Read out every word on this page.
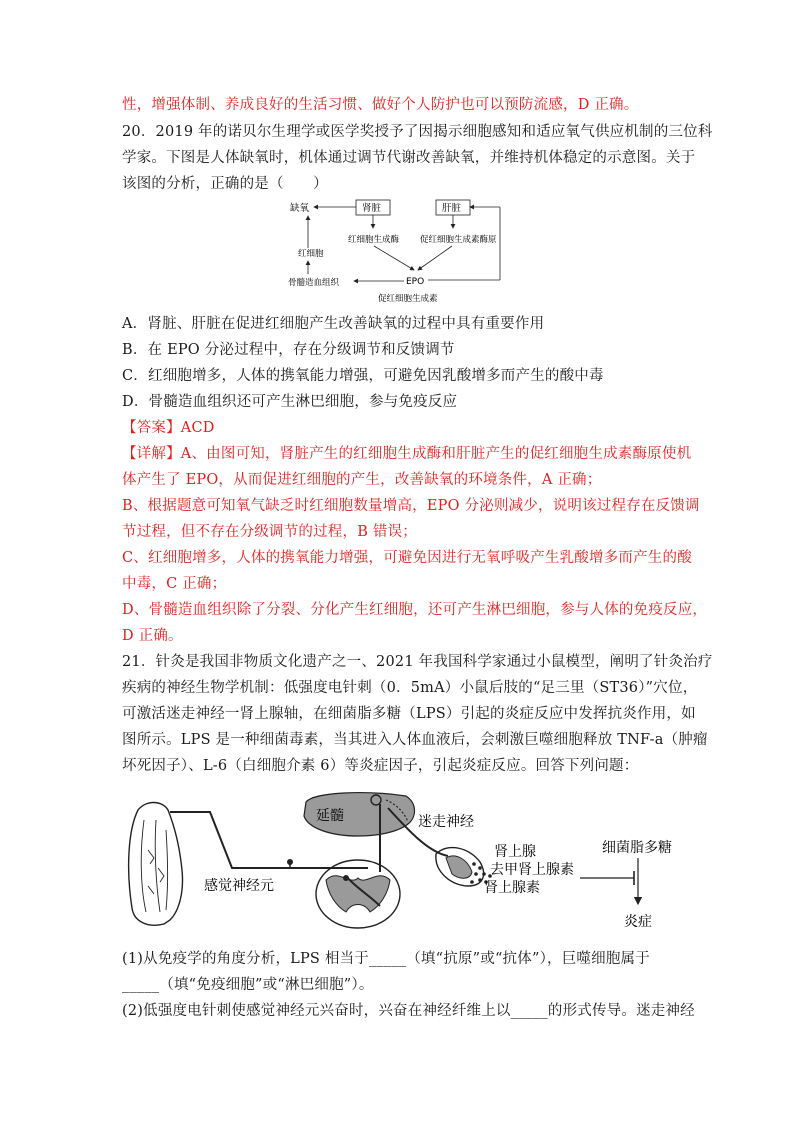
性，增强体制、养成良好的生活习惯、做好个人防护也可以预防流感，D 正确。
20．2019 年的诺贝尔生理学或医学奖授予了因揭示细胞感知和适应氧气供应机制的三位科
学家。下图是人体缺氧时，机体通过调节代谢改善缺氧，并维持机体稳定的示意图。关于
该图的分析，正确的是（　　）
缺氧	肾脏	肝脏
红细胞生成酶 促红细胞生成素酶原
EPO
骨髓造血组织
红细胞
促红细胞生成素
A．肾脏、肝脏在促进红细胞产生改善缺氧的过程中具有重要作用
B．在 EPO 分泌过程中，存在分级调节和反馈调节
C．红细胞增多，人体的携氧能力增强，可避免因乳酸增多而产生的酸中毒
D．骨髓造血组织还可产生淋巴细胞，参与免疫反应
【答案】ACD
【详解】A、由图可知，肾脏产生的红细胞生成酶和肝脏产生的促红细胞生成素酶原使机
体产生了 EPO，从而促进红细胞的产生，改善缺氧的环境条件，A 正确；
B、根据题意可知氧气缺乏时红细胞数量增高，EPO 分泌则减少，说明该过程存在反馈调
节过程，但不存在分级调节的过程，B 错误；
C、红细胞增多，人体的携氧能力增强，可避免因进行无氧呼吸产生乳酸增多而产生的酸
中毒，C 正确；
D、骨髓造血组织除了分裂、分化产生红细胞，还可产生淋巴细胞，参与人体的免疫反应，
D 正确。
21．针灸是我国非物质文化遗产之一、2021 年我国科学家通过小鼠模型，阐明了针灸治疗
疾病的神经生物学机制：低强度电针刺（0．5mA）小鼠后肢的“足三里（ST36）”穴位，
可激活迷走神经一肾上腺轴，在细菌脂多糖（LPS）引起的炎症反应中发挥抗炎作用，如
图所示。LPS 是一种细菌毒素，当其进入人体血液后，会刺激巨噬细胞释放 TNF-a（肿瘤
坏死因子）、L-6（白细胞介素 6）等炎症因子，引起炎症反应。回答下列问题：
感觉神经元
延髓	迷走神经
肾上腺
去甲肾上腺素
肾上腺素
细菌脂多糖
炎症
(1)从免疫学的角度分析，LPS 相当于_____（填“抗原”或“抗体”），巨噬细胞属于
_____（填“免疫细胞”或“淋巴细胞”）。
(2)低强度电针刺使感觉神经元兴奋时，兴奋在神经纤维上以_____的形式传导。迷走神经
